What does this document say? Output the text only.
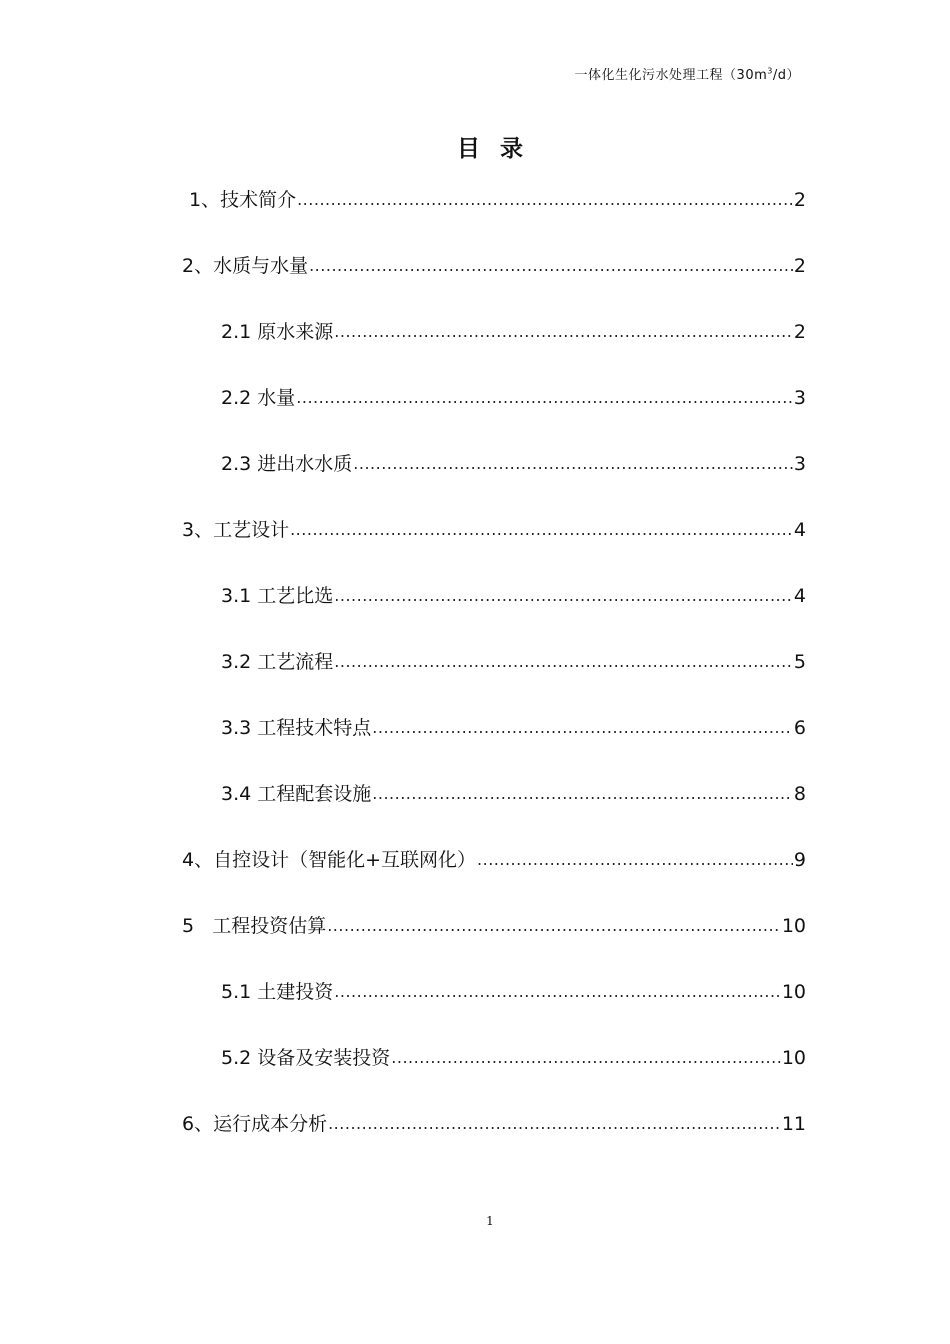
一体化生化污水处理工程$(30m^3/d)$
目录
1、技术简介 .....	2
2、水质与水量 .....	2
2.1 原水来源 .....	2
2.2 水量 .....	3
2.3 进出水水质 .....	3
3、工艺设计 .....	4
3.1 工艺比选 .....	4
3.2 工艺流程 .....	5
3.3 工程技术特点 .....	6
3.4 工程配套设施 .....	8
4、自控设计（智能化+互联网化） .....	9
5   工程投资估算 .....	10
5.1 土建投资 .....	10
5.2 设备及安装投资 .....	10
6、运行成本分析 .....	11
1
